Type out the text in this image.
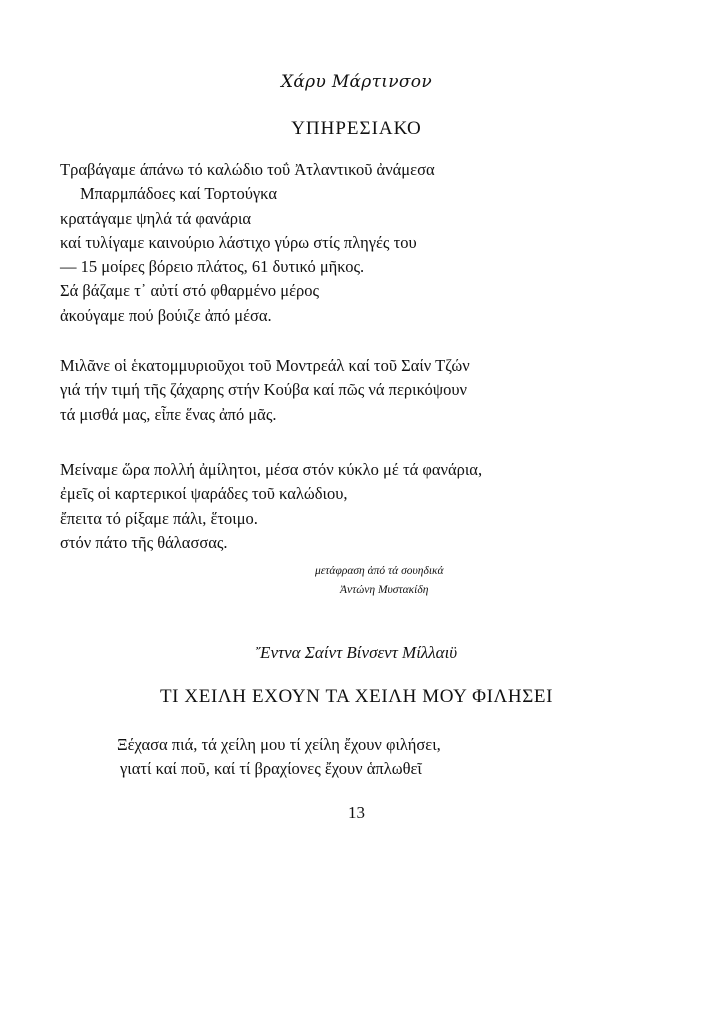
Χάρυ Μάρτινσον
ΥΠΗΡΕΣΙΑΚΟ
Τραβάγαμε άπάνω τό καλώδιο τοΰ Ἀτλαντικοῦ ἀνάμεσα
Μπαρμπάδοες καί Τορτούγκα
κρατάγαμε ψηλά τά φανάρια
καί τυλίγαμε καινούριο λάστιχο γύρω στίς πληγές του
— 15 μοίρες βόρειο πλάτος, 61 δυτικό μῆκος.
Σά βάζαμε τ᾽ αὐτί στό φθαρμένο μέρος
ἀκούγαμε πού βούιζε ἀπό μέσα.
Μιλᾶνε οἱ ἑκατομμυριοῦχοι τοῦ Μοντρεάλ καί τοῦ Σαίν Τζών
γιά τήν τιμή τῆς ζάχαρης στήν Κούβα καί πῶς νά περικόψουν
τά μισθά μας, εἶπε ἕνας ἀπό μᾶς.
Μείναμε ὥρα πολλή ἀμίλητοι, μέσα στόν κύκλο μέ τά φανάρια,
ἐμεῖς οἱ καρτερικοί ψαράδες τοῦ καλώδιου,
ἔπειτα τό ρίξαμε πάλι, ἕτοιμο.
στόν πάτο τῆς θάλασσας.
μετάφραση ἀπό τά σουηδικά
Ἀντώνη Μυστακίδη
Ἔντνα Σαίντ Βίνσεντ Μίλλαιϋ
ΤΙ ΧΕΙΛΗ ΕΧΟΥΝ ΤΑ ΧΕΙΛΗ ΜΟΥ ΦΙΛΗΣΕΙ
Ξέχασα πιά, τά χείλη μου τί χείλη ἔχουν φιλήσει,
γιατί καί ποῦ, καί τί βραχίονες ἔχουν ἁπλωθεῖ
13
